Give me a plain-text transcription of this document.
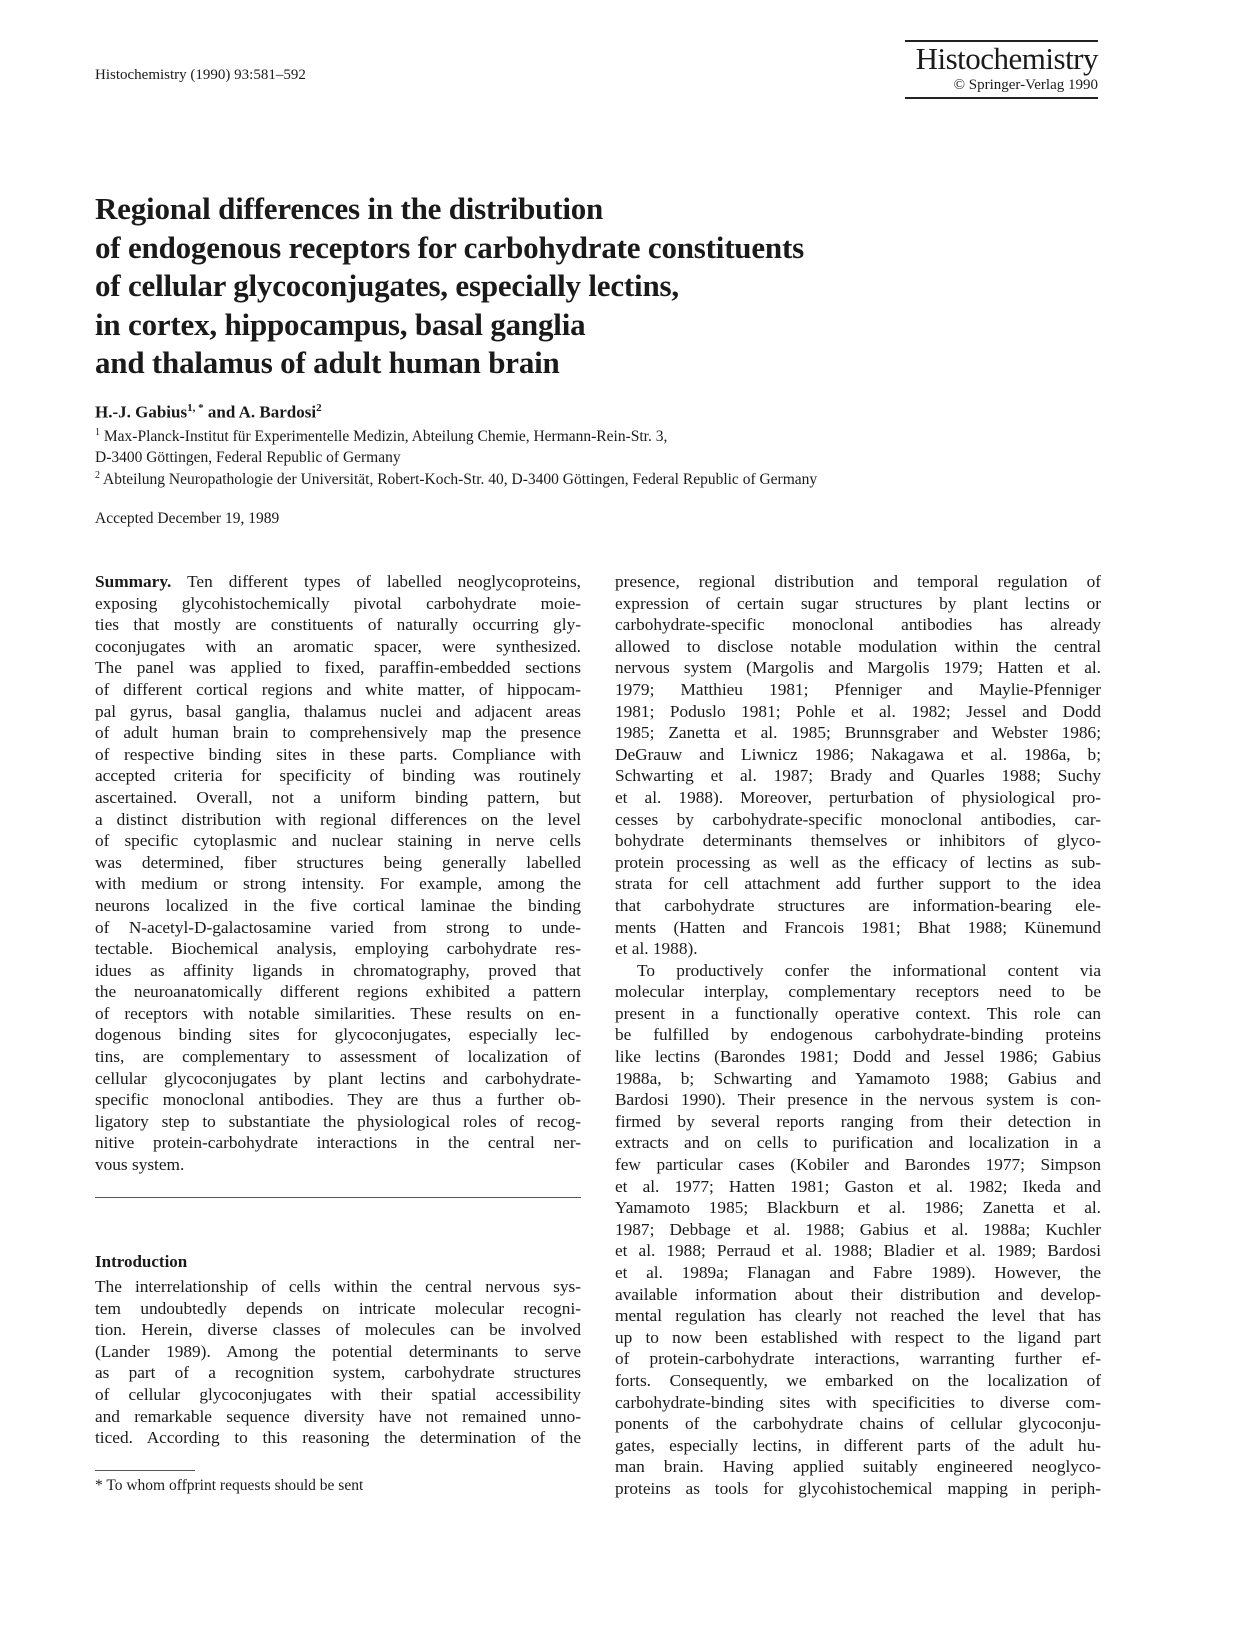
Histochemistry (1990) 93:581–592	Histochemistry
© Springer-Verlag 1990
Regional differences in the distribution
of endogenous receptors for carbohydrate constituents
of cellular glycoconjugates, especially lectins,
in cortex, hippocampus, basal ganglia
and thalamus of adult human brain
H.-J. Gabius$^{1, *}$ and A. Bardosi$^2$
$^1$ Max-Planck-Institut für Experimentelle Medizin, Abteilung Chemie, Hermann-Rein-Str. 3,
D-3400 Göttingen, Federal Republic of Germany
$^2$ Abteilung Neuropathologie der Universität, Robert-Koch-Str. 40, D-3400 Göttingen, Federal Republic of Germany
Accepted December 19, 1989
Summary. Ten different types of labelled neoglycoproteins,
exposing glycohistochemically pivotal carbohydrate moie-
ties that mostly are constituents of naturally occurring gly-
coconjugates with an aromatic spacer, were synthesized.
The panel was applied to fixed, paraffin-embedded sections
of different cortical regions and white matter, of hippocam-
pal gyrus, basal ganglia, thalamus nuclei and adjacent areas
of adult human brain to comprehensively map the presence
of respective binding sites in these parts. Compliance with
accepted criteria for specificity of binding was routinely
ascertained. Overall, not a uniform binding pattern, but
a distinct distribution with regional differences on the level
of specific cytoplasmic and nuclear staining in nerve cells
was determined, fiber structures being generally labelled
with medium or strong intensity. For example, among the
neurons localized in the five cortical laminae the binding
of N-acetyl-D-galactosamine varied from strong to unde-
tectable. Biochemical analysis, employing carbohydrate res-
idues as affinity ligands in chromatography, proved that
the neuroanatomically different regions exhibited a pattern
of receptors with notable similarities. These results on en-
dogenous binding sites for glycoconjugates, especially lec-
tins, are complementary to assessment of localization of
cellular glycoconjugates by plant lectins and carbohydrate-
specific monoclonal antibodies. They are thus a further ob-
ligatory step to substantiate the physiological roles of recog-
nitive protein-carbohydrate interactions in the central ner-
vous system.
Introduction
The interrelationship of cells within the central nervous sys-
tem undoubtedly depends on intricate molecular recogni-
tion. Herein, diverse classes of molecules can be involved
(Lander 1989). Among the potential determinants to serve
as part of a recognition system, carbohydrate structures
of cellular glycoconjugates with their spatial accessibility
and remarkable sequence diversity have not remained unno-
ticed. According to this reasoning the determination of the
* To whom offprint requests should be sent
presence, regional distribution and temporal regulation of
expression of certain sugar structures by plant lectins or
carbohydrate-specific monoclonal antibodies has already
allowed to disclose notable modulation within the central
nervous system (Margolis and Margolis 1979; Hatten et al.
1979; Matthieu 1981; Pfenniger and Maylie-Pfenniger
1981; Poduslo 1981; Pohle et al. 1982; Jessel and Dodd
1985; Zanetta et al. 1985; Brunnsgraber and Webster 1986;
DeGrauw and Liwnicz 1986; Nakagawa et al. 1986a, b;
Schwarting et al. 1987; Brady and Quarles 1988; Suchy
et al. 1988). Moreover, perturbation of physiological pro-
cesses by carbohydrate-specific monoclonal antibodies, car-
bohydrate determinants themselves or inhibitors of glyco-
protein processing as well as the efficacy of lectins as sub-
strata for cell attachment add further support to the idea
that carbohydrate structures are information-bearing ele-
ments (Hatten and Francois 1981; Bhat 1988; Künemund
et al. 1988).
To productively confer the informational content via
molecular interplay, complementary receptors need to be
present in a functionally operative context. This role can
be fulfilled by endogenous carbohydrate-binding proteins
like lectins (Barondes 1981; Dodd and Jessel 1986; Gabius
1988a, b; Schwarting and Yamamoto 1988; Gabius and
Bardosi 1990). Their presence in the nervous system is con-
firmed by several reports ranging from their detection in
extracts and on cells to purification and localization in a
few particular cases (Kobiler and Barondes 1977; Simpson
et al. 1977; Hatten 1981; Gaston et al. 1982; Ikeda and
Yamamoto 1985; Blackburn et al. 1986; Zanetta et al.
1987; Debbage et al. 1988; Gabius et al. 1988a; Kuchler
et al. 1988; Perraud et al. 1988; Bladier et al. 1989; Bardosi
et al. 1989a; Flanagan and Fabre 1989). However, the
available information about their distribution and develop-
mental regulation has clearly not reached the level that has
up to now been established with respect to the ligand part
of protein-carbohydrate interactions, warranting further ef-
forts. Consequently, we embarked on the localization of
carbohydrate-binding sites with specificities to diverse com-
ponents of the carbohydrate chains of cellular glycoconju-
gates, especially lectins, in different parts of the adult hu-
man brain. Having applied suitably engineered neoglyco-
proteins as tools for glycohistochemical mapping in periph-
